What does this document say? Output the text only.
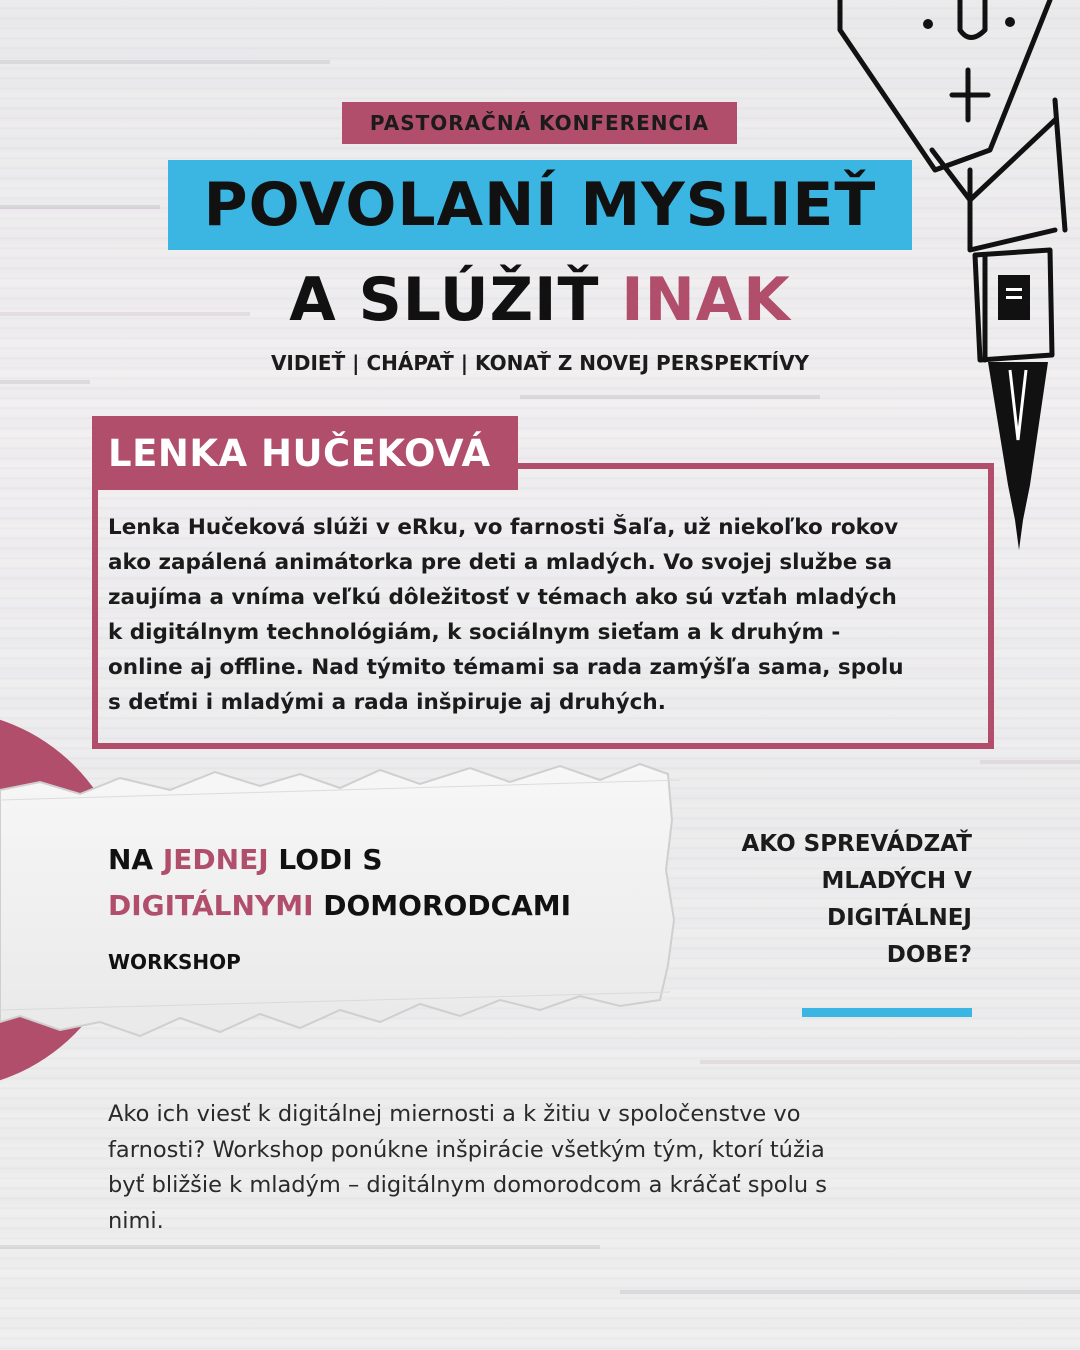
PASTORAČNÁ KONFERENCIA
POVOLANÍ MYSLIEŤ
A SLÚŽIŤ INAK
VIDIEŤ | CHÁPAŤ | KONAŤ Z NOVEJ PERSPEKTÍVY
LENKA HUČEKOVÁ
Lenka Hučeková slúži v eRku, vo farnosti Šaľa, už niekoľko rokov
ako zapálená animátorka pre deti a mladých. Vo svojej službe sa
zaujíma a vníma veľkú dôležitosť v témach ako sú vzťah mladých
k digitálnym technológiám, k sociálnym sieťam a k druhým -
online aj offline. Nad týmito témami sa rada zamýšľa sama, spolu
s deťmi i mladými a rada inšpiruje aj druhých.
NA JEDNEJ LODI S
DIGITÁLNYMI DOMORODCAMI
WORKSHOP
AKO SPREVÁDZAŤ
MLADÝCH V
DIGITÁLNEJ
DOBE?
Ako ich viesť k digitálnej miernosti a k žitiu v spoločenstve vo
farnosti? Workshop ponúkne inšpirácie všetkým tým, ktorí túžia
byť bližšie k mladým – digitálnym domorodcom a kráčať spolu s
nimi.
